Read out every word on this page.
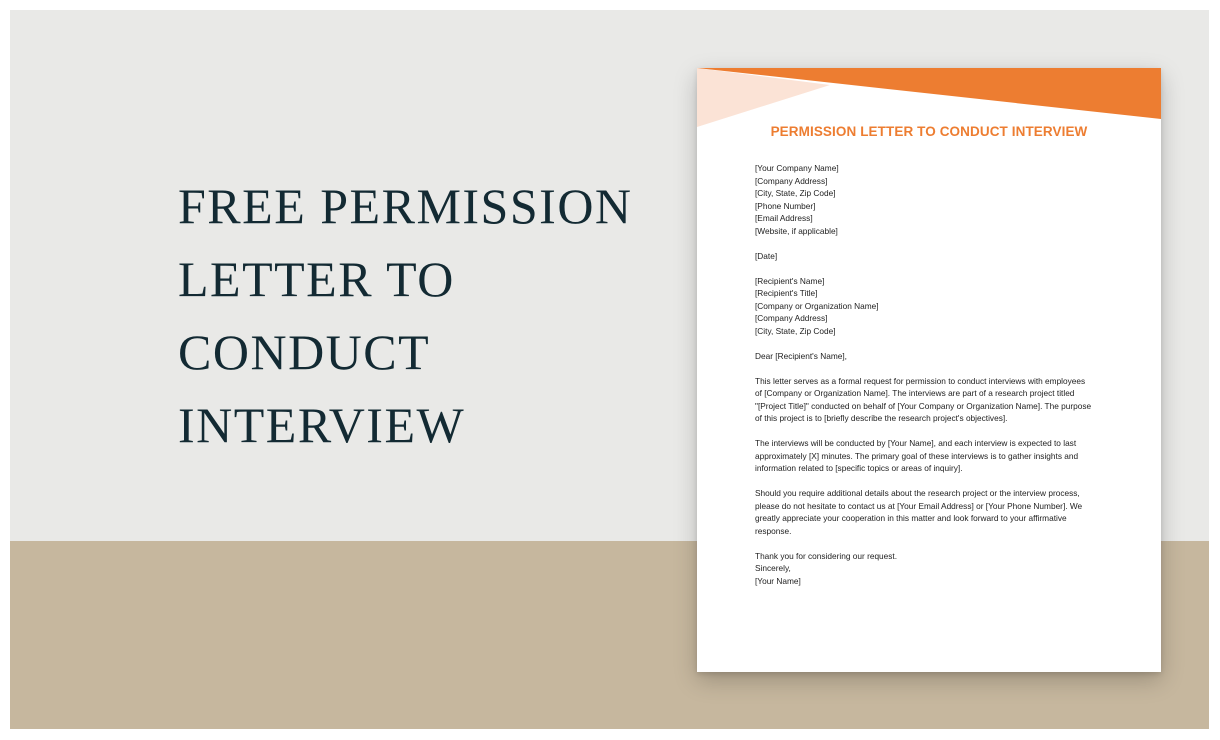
FREE PERMISSION
LETTER TO
CONDUCT
INTERVIEW
PERMISSION LETTER TO CONDUCT INTERVIEW
[Your Company Name]
[Company Address]
[City, State, Zip Code]
[Phone Number]
[Email Address]
[Website, if applicable]
[Date]
[Recipient's Name]
[Recipient's Title]
[Company or Organization Name]
[Company Address]
[City, State, Zip Code]
Dear [Recipient's Name],
This letter serves as a formal request for permission to conduct interviews with employees
of [Company or Organization Name]. The interviews are part of a research project titled
"[Project Title]" conducted on behalf of [Your Company or Organization Name]. The purpose
of this project is to [briefly describe the research project's objectives].
The interviews will be conducted by [Your Name], and each interview is expected to last
approximately [X] minutes. The primary goal of these interviews is to gather insights and
information related to [specific topics or areas of inquiry].
Should you require additional details about the research project or the interview process,
please do not hesitate to contact us at [Your Email Address] or [Your Phone Number]. We
greatly appreciate your cooperation in this matter and look forward to your affirmative
response.
Thank you for considering our request.
Sincerely,
[Your Name]
